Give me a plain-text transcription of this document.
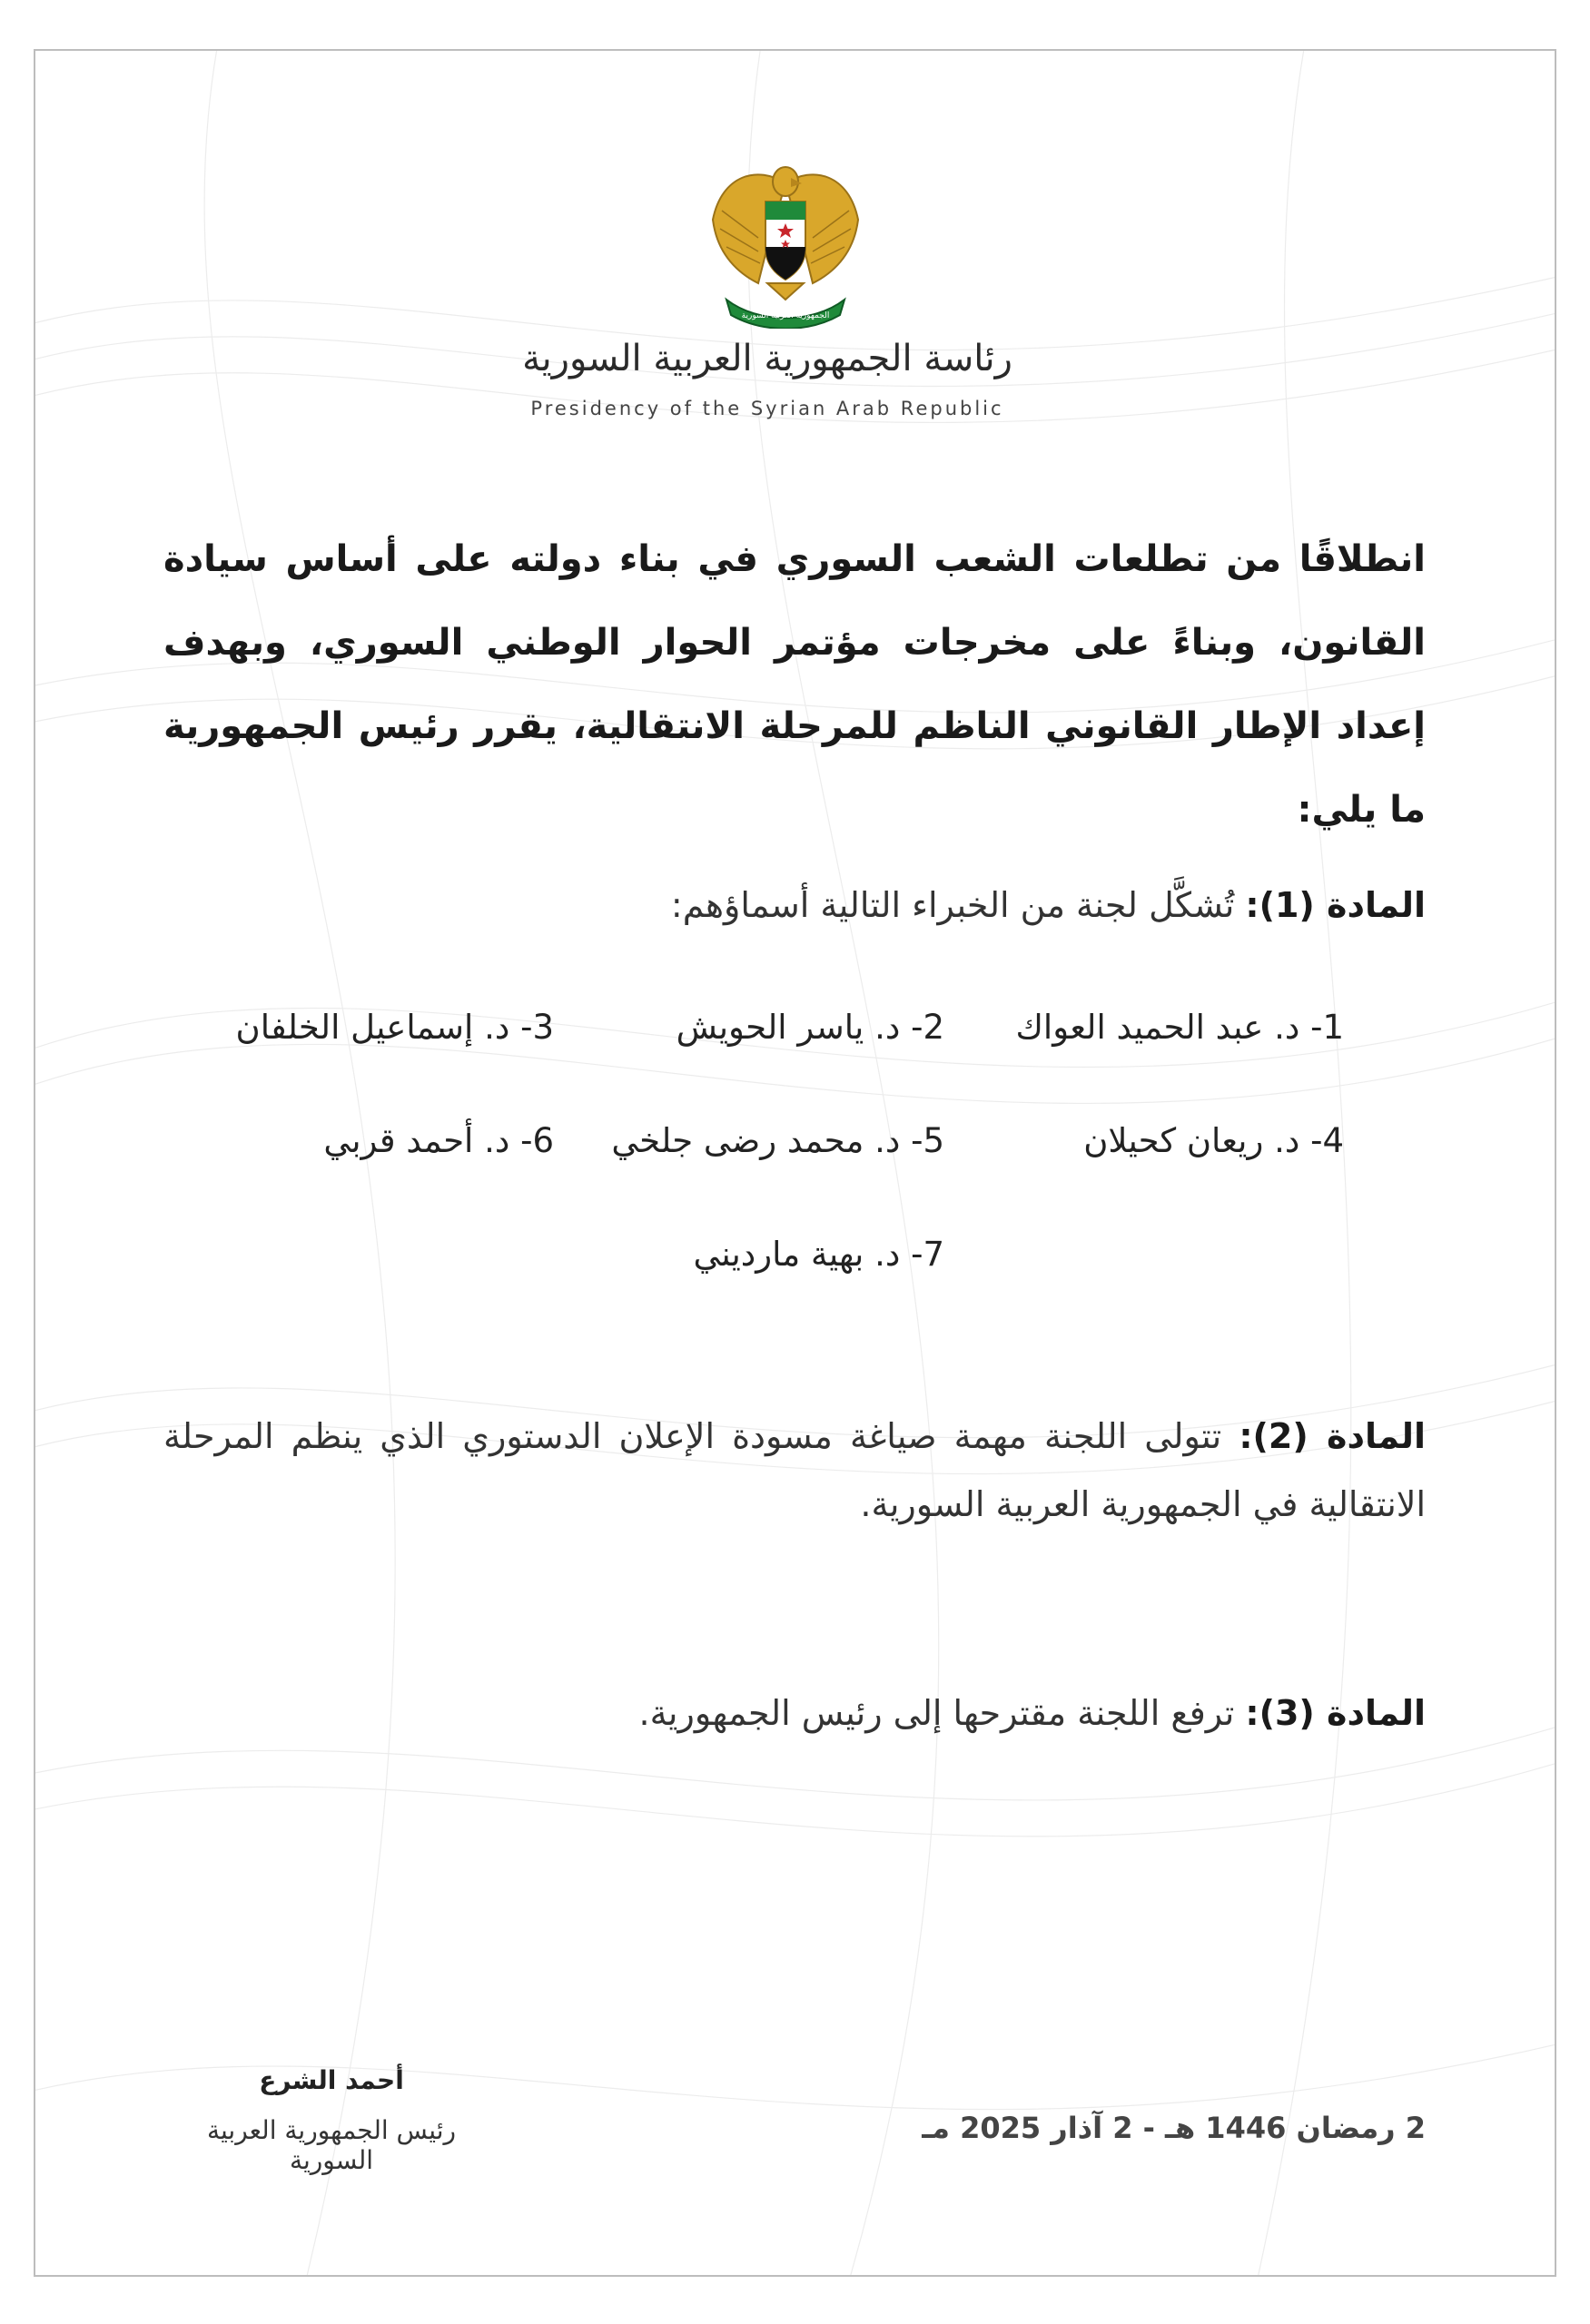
الجمهورية العربية السورية
رئاسة الجمهورية العربية السورية
Presidency of the Syrian Arab Republic
انطلاقًا من تطلعات الشعب السوري في بناء دولته على أساس سيادة القانون، وبناءً على مخرجات مؤتمر الحوار الوطني السوري، وبهدف إعداد الإطار القانوني الناظم للمرحلة الانتقالية، يقرر رئيس الجمهورية ما يلي:
المادة (1): تُشكَّل لجنة من الخبراء التالية أسماؤهم:
1- د. عبد الحميد العواك
2- د. ياسر الحويش
3- د. إسماعيل الخلفان
4- د. ريعان كحيلان
5- د. محمد رضى جلخي
6- د. أحمد قربي
7- د. بهية مارديني
المادة (2): تتولى اللجنة مهمة صياغة مسودة الإعلان الدستوري الذي ينظم المرحلة الانتقالية في الجمهورية العربية السورية.
المادة (3): ترفع اللجنة مقترحها إلى رئيس الجمهورية.
أحمد الشرع
رئيس الجمهورية العربية السورية
2 رمضان 1446 هـ - 2 آذار 2025 مـ
